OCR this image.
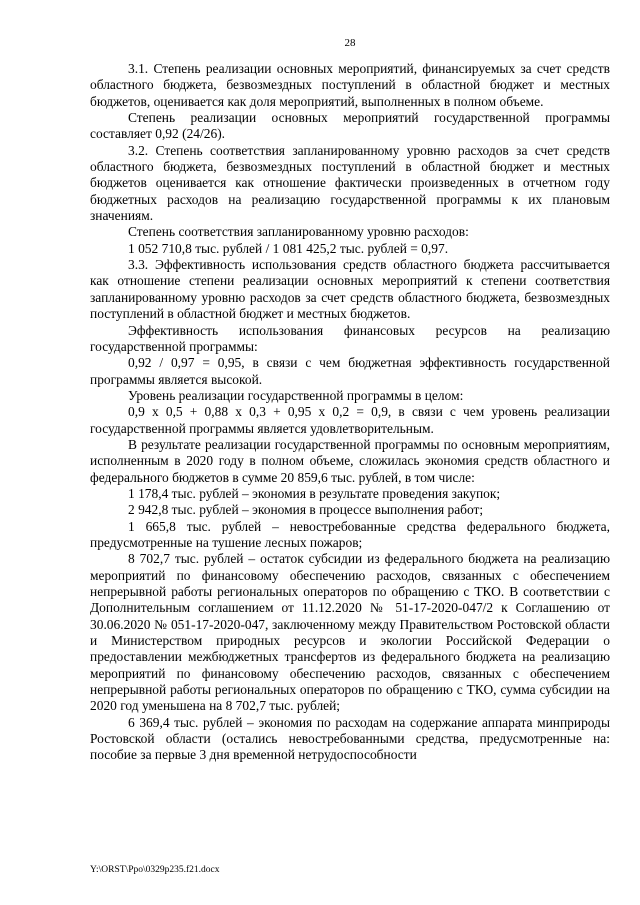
28

3.1. Степень реализации основных мероприятий, финансируемых за счет средств областного бюджета, безвозмездных поступлений в областной бюджет и местных бюджетов, оценивается как доля мероприятий, выполненных в полном объеме.

Степень реализации основных мероприятий государственной программы составляет 0,92 (24/26).

3.2. Степень соответствия запланированному уровню расходов за счет средств областного бюджета, безвозмездных поступлений в областной бюджет и местных бюджетов оценивается как отношение фактически произведенных в отчетном году бюджетных расходов на реализацию государственной программы к их плановым значениям.

Степень соответствия запланированному уровню расходов:

1 052 710,8 тыс. рублей / 1 081 425,2 тыс. рублей = 0,97.

3.3. Эффективность использования средств областного бюджета рассчитывается как отношение степени реализации основных мероприятий к степени соответствия запланированному уровню расходов за счет средств областного бюджета, безвозмездных поступлений в областной бюджет и местных бюджетов.

Эффективность использования финансовых ресурсов на реализацию государственной программы:

0,92 / 0,97 = 0,95, в связи с чем бюджетная эффективность государственной программы является высокой.

Уровень реализации государственной программы в целом:

0,9 х 0,5 + 0,88 х 0,3 + 0,95 х 0,2 = 0,9, в связи с чем уровень реализации государственной программы является удовлетворительным.

В результате реализации государственной программы по основным мероприятиям, исполненным в 2020 году в полном объеме, сложилась экономия средств областного и федерального бюджетов в сумме 20 859,6 тыс. рублей, в том числе:

1 178,4 тыс. рублей – экономия в результате проведения закупок;

2 942,8 тыс. рублей – экономия в процессе выполнения работ;

1 665,8 тыс. рублей – невостребованные средства федерального бюджета, предусмотренные на тушение лесных пожаров;

8 702,7 тыс. рублей – остаток субсидии из федерального бюджета на реализацию мероприятий по финансовому обеспечению расходов, связанных с обеспечением непрерывной работы региональных операторов по обращению с ТКО. В соответствии с Дополнительным соглашением от 11.12.2020 № 51-17-2020-047/2 к Соглашению от 30.06.2020 № 051-17-2020-047, заключенному между Правительством Ростовской области и Министерством природных ресурсов и экологии Российской Федерации о предоставлении межбюджетных трансфертов из федерального бюджета на реализацию мероприятий по финансовому обеспечению расходов, связанных с обеспечением непрерывной работы региональных операторов по обращению с ТКО, сумма субсидии на 2020 год уменьшена на 8 702,7 тыс. рублей;

6 369,4 тыс. рублей – экономия по расходам на содержание аппарата минприроды Ростовской области (остались невостребованными средства, предусмотренные на: пособие за первые 3 дня временной нетрудоспособности

Y:\ORST\Ppo\0329p235.f21.docx
